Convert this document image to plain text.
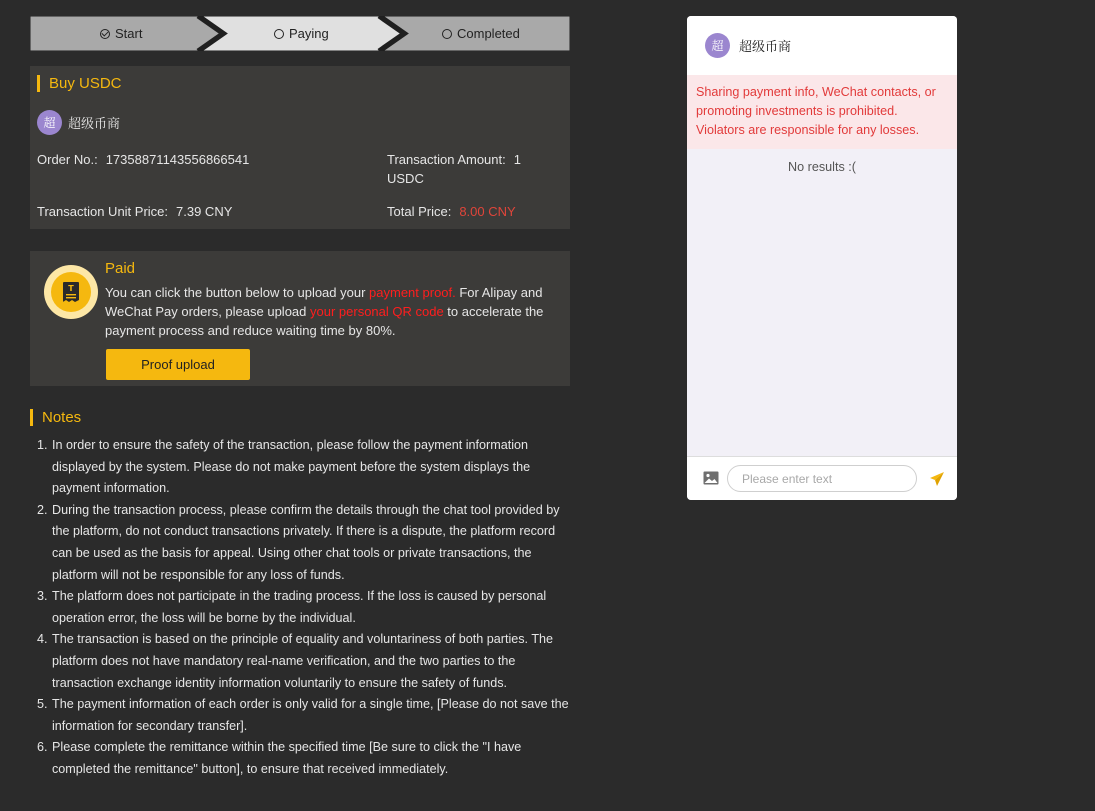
Start	Paying	Completed
Buy USDC
超 超级币商
Order No.: 17358871143556866541	Transaction Amount: 1
USDC
Transaction Unit Price: 7.39 CNY	Total Price: 8.00 CNY
T
Paid
You can click the button below to upload your payment proof. For Alipay and WeChat Pay orders, please upload your personal QR code to accelerate the payment process and reduce waiting time by 80%.
Proof upload
Notes
1. In order to ensure the safety of the transaction, please follow the payment information displayed by the system. Please do not make payment before the system displays the payment information.
2. During the transaction process, please confirm the details through the chat tool provided by the platform, do not conduct transactions privately. If there is a dispute, the platform record can be used as the basis for appeal. Using other chat tools or private transactions, the platform will not be responsible for any loss of funds.
3. The platform does not participate in the trading process. If the loss is caused by personal operation error, the loss will be borne by the individual.
4. The transaction is based on the principle of equality and voluntariness of both parties. The platform does not have mandatory real-name verification, and the two parties to the transaction exchange identity information voluntarily to ensure the safety of funds.
5. The payment information of each order is only valid for a single time, [Please do not save the information for secondary transfer].
6. Please complete the remittance within the specified time [Be sure to click the "I have completed the remittance" button], to ensure that received immediately.
超	超级币商
Sharing payment info, WeChat contacts, or promoting investments is prohibited. Violators are responsible for any losses.
No results :(
Please enter text
